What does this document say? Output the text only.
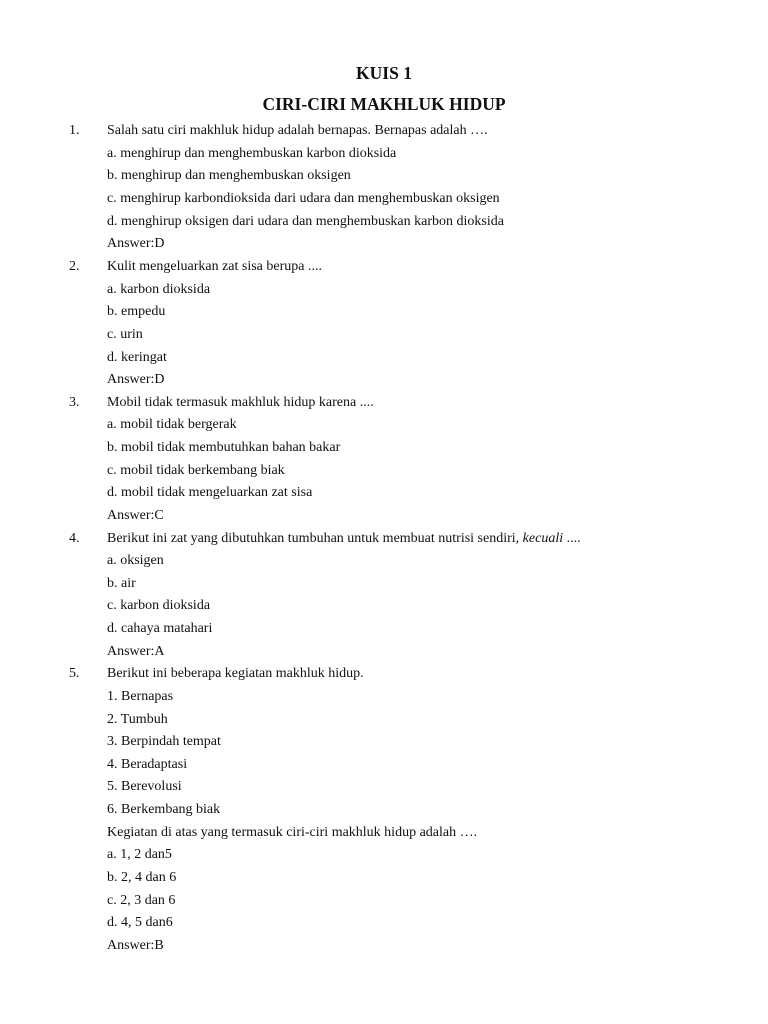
KUIS 1
CIRI-CIRI MAKHLUK HIDUP
1. Salah satu ciri makhluk hidup adalah bernapas. Bernapas adalah ….
a. menghirup dan menghembuskan karbon dioksida
b. menghirup dan menghembuskan oksigen
c. menghirup karbondioksida dari udara dan menghembuskan oksigen
d. menghirup oksigen dari udara dan menghembuskan karbon dioksida
Answer:D
2. Kulit mengeluarkan zat sisa berupa ....
a. karbon dioksida
b. empedu
c. urin
d. keringat
Answer:D
3. Mobil tidak termasuk makhluk hidup karena ....
a. mobil tidak bergerak
b. mobil tidak membutuhkan bahan bakar
c. mobil tidak berkembang biak
d. mobil tidak mengeluarkan zat sisa
Answer:C
4. Berikut ini zat yang dibutuhkan tumbuhan untuk membuat nutrisi sendiri, kecuali ....
a. oksigen
b. air
c. karbon dioksida
d. cahaya matahari
Answer:A
5. Berikut ini beberapa kegiatan makhluk hidup.
1. Bernapas
2. Tumbuh
3. Berpindah tempat
4. Beradaptasi
5. Berevolusi
6. Berkembang biak
Kegiatan di atas yang termasuk ciri-ciri makhluk hidup adalah ….
a. 1, 2 dan5
b. 2, 4 dan 6
c. 2, 3 dan 6
d. 4, 5 dan6
Answer:B
